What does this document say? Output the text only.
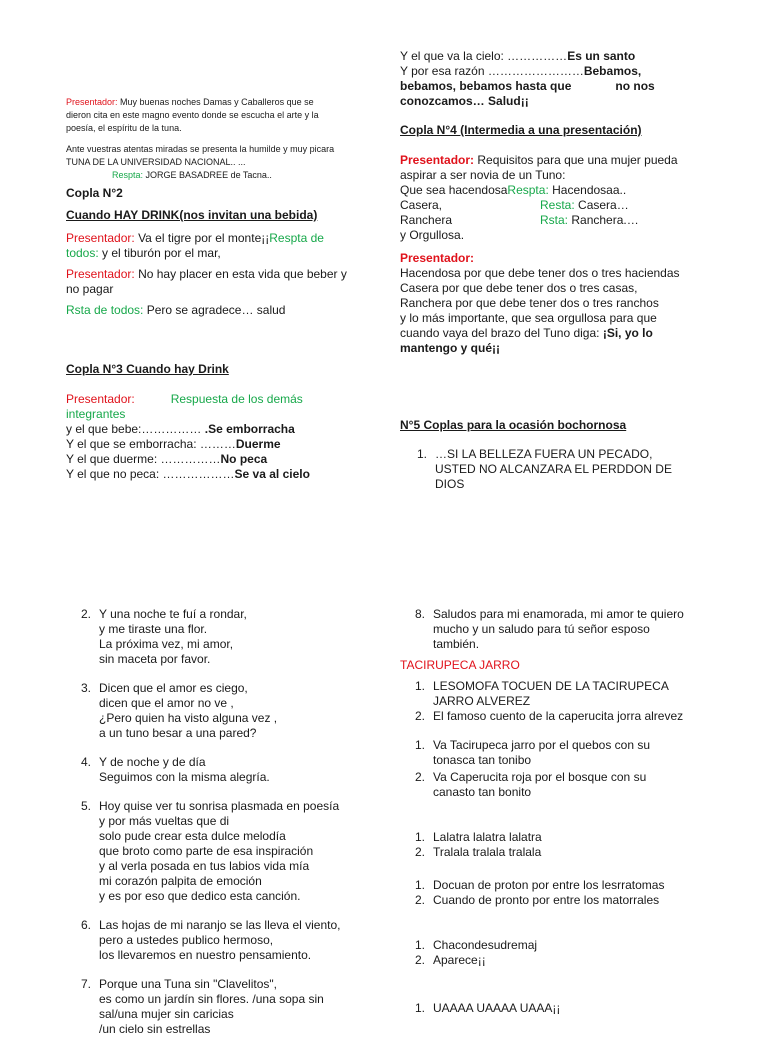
Presentador: Muy buenas noches Damas y Caballeros que se
dieron cita en este magno evento donde se escucha el arte y la
poesía, el espíritu de la tuna.
Ante vuestras atentas miradas se presenta la humilde y muy picara
TUNA DE LA UNIVERSIDAD NACIONAL.. ...
Respta: JORGE BASADREE de Tacna..
Copla N°2
Cuando HAY DRINK(nos invitan una bebida)
Presentador: Va el tigre por el monte¡¡Respta de
todos: y el tiburón por el mar,
Presentador: No hay placer en esta vida que beber y
no pagar
Rsta de todos: Pero se agradece… salud
Copla N°3 Cuando hay Drink
Presentador:	Respuesta de los demás
integrantes
y el que bebe:…………… .Se emborracha
Y el que se emborracha: ………Duerme
Y el que duerme: ……………No peca
Y el que no peca: ………………Se va al cielo
Y el que va la cielo: ……………Es un santo
Y por esa razón ……………………Bebamos,
bebamos, bebamos hasta que	no nos
conozcamos… Salud¡¡
Copla N°4 (Intermedia a una presentación)
Presentador: Requisitos para que una mujer pueda
aspirar a ser novia de un Tuno:
Que sea hacendosaRespta: Hacendosaa..
Casera,	Resta: Casera…
Ranchera	Rsta: Ranchera.…
y Orgullosa.
Presentador:
Hacendosa por que debe tener dos o tres haciendas
Casera por que debe tener dos o tres casas,
Ranchera por que debe tener dos o tres ranchos
y lo más importante, que sea orgullosa para que
cuando vaya del brazo del Tuno diga: ¡Si, yo lo
mantengo y qué¡¡
N°5 Coplas para la ocasión bochornosa
1. …SI LA BELLEZA FUERA UN PECADO,
USTED NO ALCANZARA EL PERDDON DE
DIOS
2. Y una noche te fuí a rondar,
y me tiraste una flor.
La próxima vez, mi amor,
sin maceta por favor.
3. Dicen que el amor es ciego,
dicen que el amor no ve ,
¿Pero quien ha visto alguna vez ,
a un tuno besar a una pared?
4. Y de noche y de día
Seguimos con la misma alegría.
5. Hoy quise ver tu sonrisa plasmada en poesía
y por más vueltas que di
solo pude crear esta dulce melodía
que broto como parte de esa inspiración
y al verla posada en tus labios vida mía
mi corazón palpita de emoción
y es por eso que dedico esta canción.
6. Las hojas de mi naranjo se las lleva el viento,
pero a ustedes publico hermoso,
los llevaremos en nuestro pensamiento.
7. Porque una Tuna sin "Clavelitos",
es como un jardín sin flores. /una sopa sin
sal/una mujer sin caricias
/un cielo sin estrellas
8. Saludos para mi enamorada, mi amor te quiero
mucho y un saludo para tú señor esposo
también.
TACIRUPECA JARRO
1. LESOMOFA TOCUEN DE LA TACIRUPECA
JARRO ALVEREZ
2. El famoso cuento de la caperucita jorra alrevez
1. Va Tacirupeca jarro por el quebos con su
tonasca tan tonibo
2. Va Caperucita roja por el bosque con su
canasto tan bonito
1. Lalatra lalatra lalatra
2. Tralala tralala tralala
1. Docuan de proton por entre los lesrratomas
2. Cuando de pronto por entre los matorrales
1. Chacondesudremaj
2. Aparece¡¡
1. UAAAA UAAAA UAAA¡¡
